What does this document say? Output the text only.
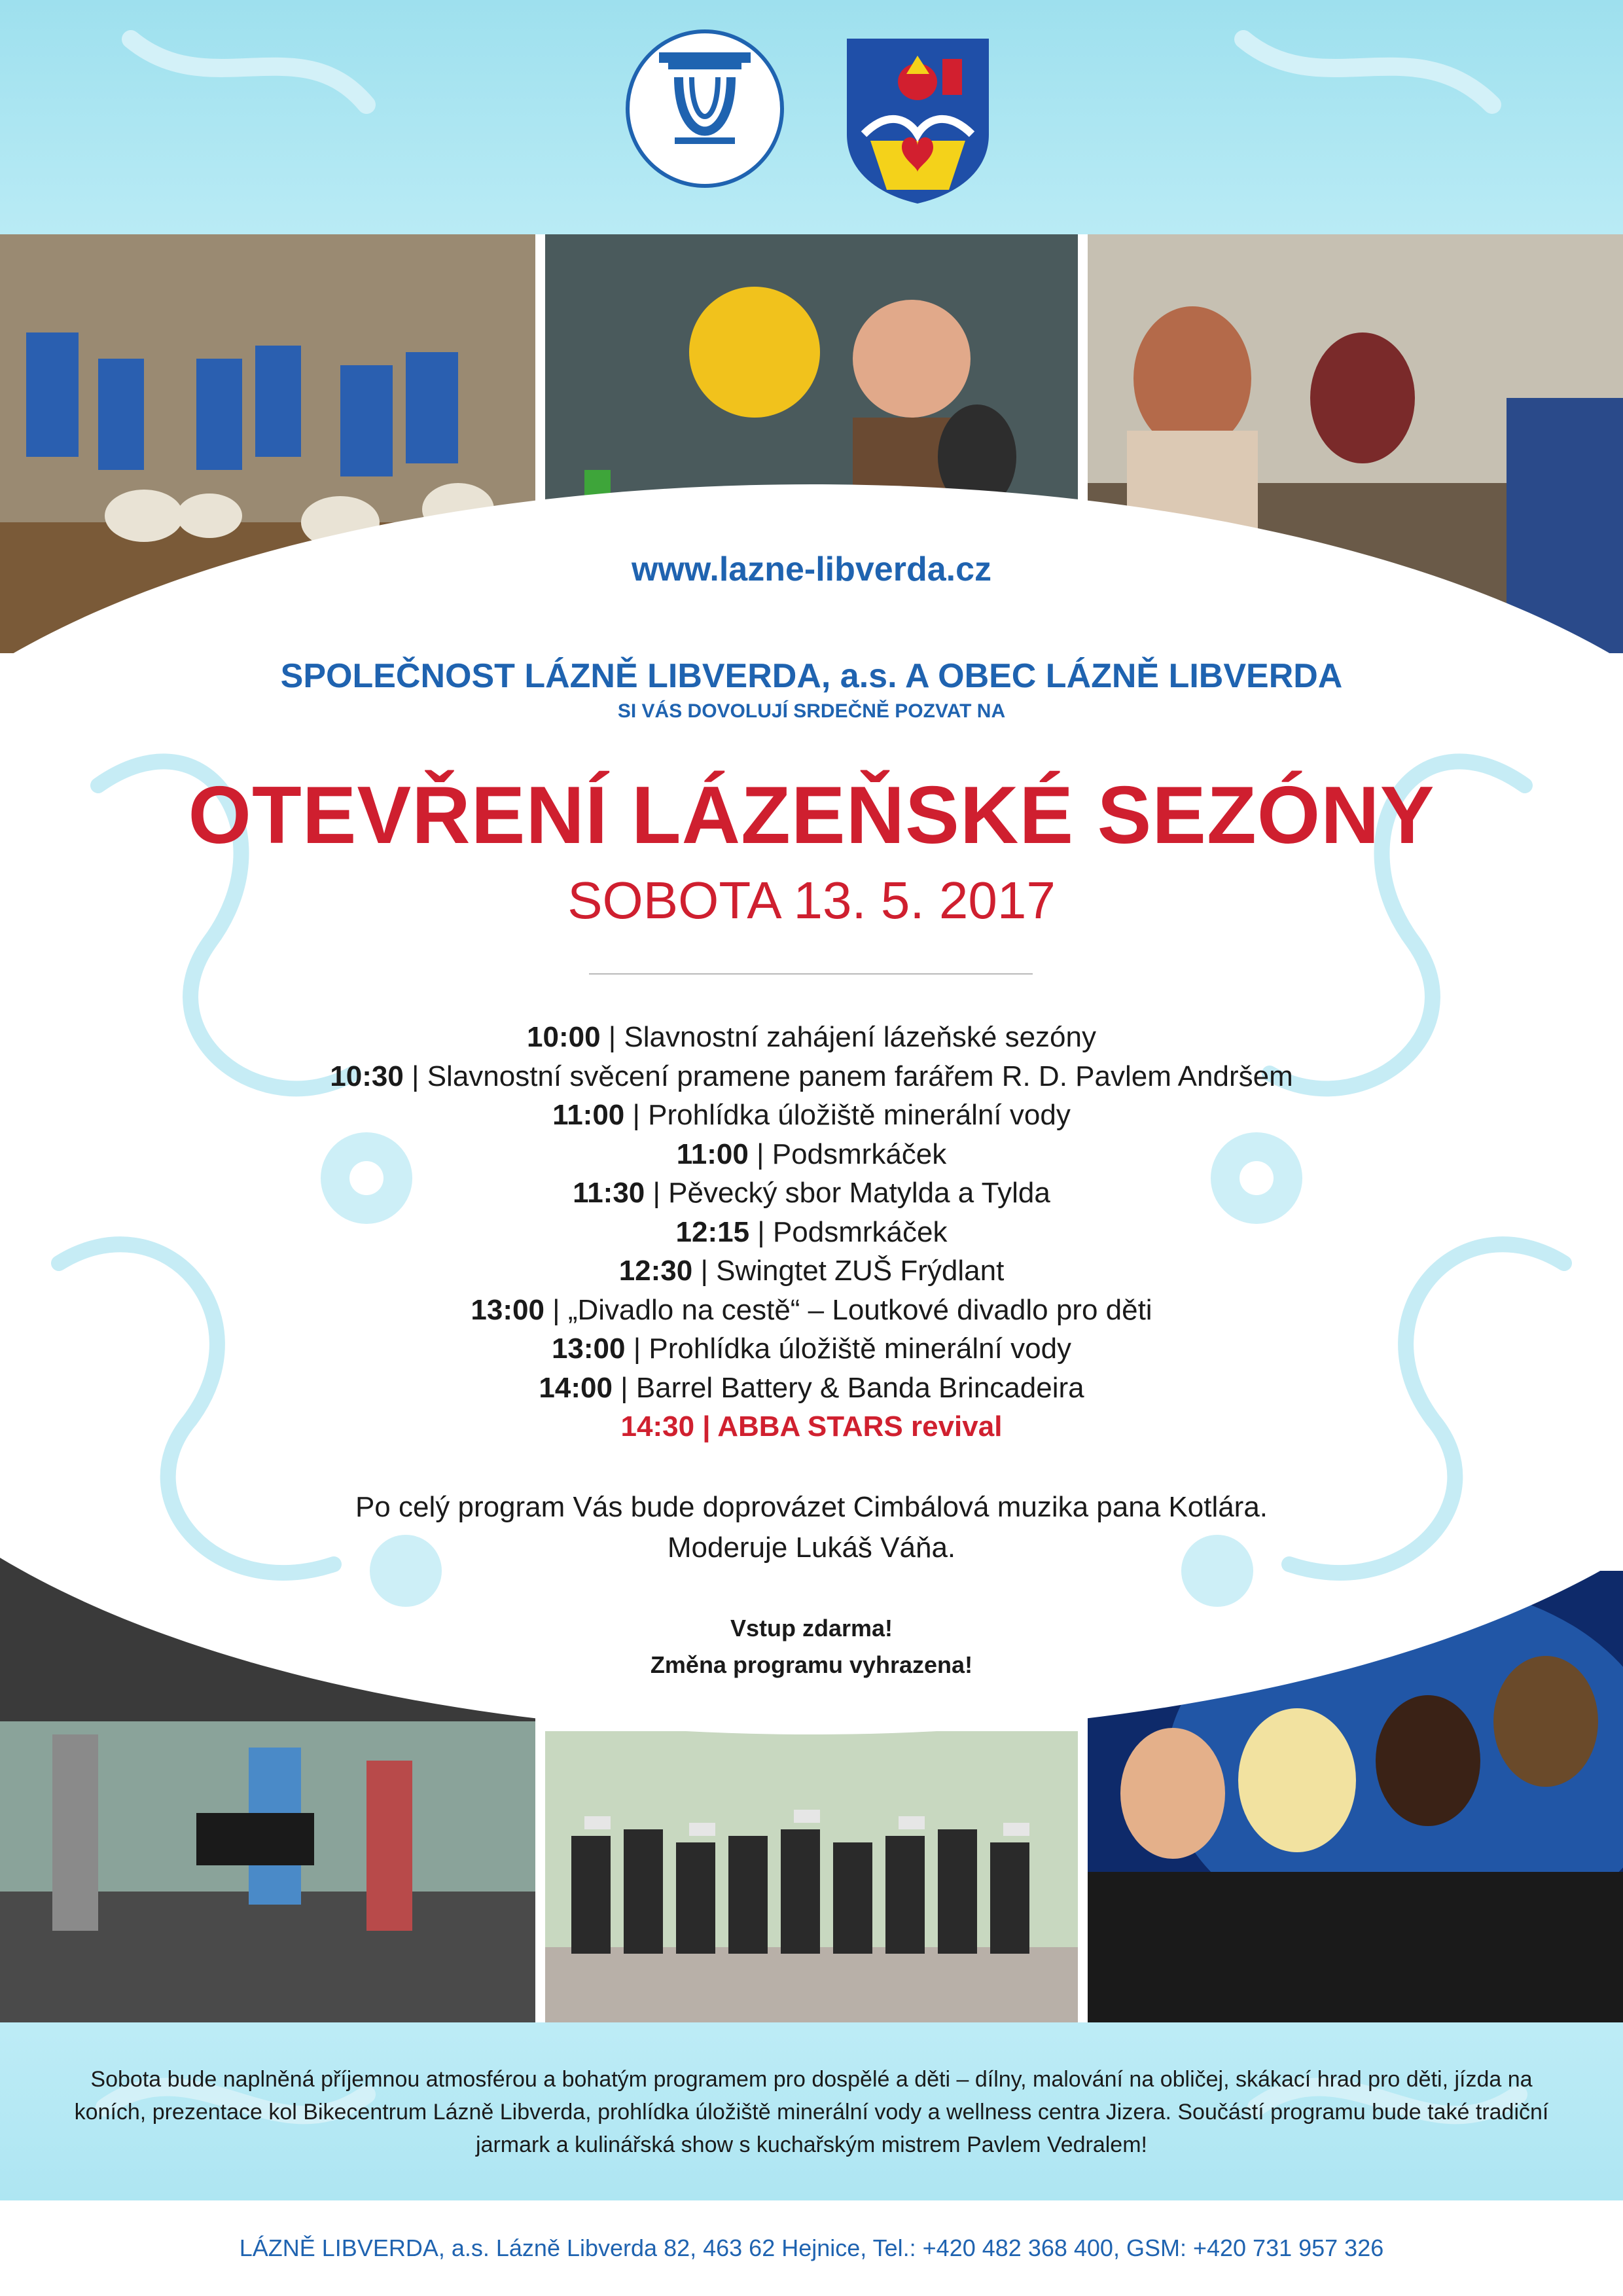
www.lazne-libverda.cz
SPOLEČNOST LÁZNĚ LIBVERDA, a.s. A OBEC LÁZNĚ LIBVERDA
SI VÁS DOVOLUJÍ SRDEČNĚ POZVAT NA
OTEVŘENÍ LÁZEŇSKÉ SEZÓNY
SOBOTA 13. 5. 2017
10:00 | Slavnostní zahájení lázeňské sezóny
10:30 | Slavnostní svěcení pramene panem farářem R. D. Pavlem Andršem
11:00 | Prohlídka úložiště minerální vody
11:00 | Podsmrkáček
11:30 | Pěvecký sbor Matylda a Tylda
12:15 | Podsmrkáček
12:30 | Swingtet ZUŠ Frýdlant
13:00 | „Divadlo na cestě“ – Loutkové divadlo pro děti
13:00 | Prohlídka úložiště minerální vody
14:00 | Barrel Battery & Banda Brincadeira
14:30 | ABBA STARS revival
Po celý program Vás bude doprovázet Cimbálová muzika pana Kotlára.
Moderuje Lukáš Váňa.
Vstup zdarma!
Změna programu vyhrazena!
Sobota bude naplněná příjemnou atmosférou a bohatým programem pro dospělé a děti – dílny, malování na obličej, skákací hrad pro děti, jízda na koních, prezentace kol Bikecentrum Lázně Libverda, prohlídka úložiště minerální vody a wellness centra Jizera. Součástí programu bude také tradiční jarmark a kulinářská show s kuchařským mistrem Pavlem Vedralem!
LÁZNĚ LIBVERDA, a.s. Lázně Libverda 82, 463 62 Hejnice, Tel.: +420 482 368 400, GSM: +420 731 957 326
